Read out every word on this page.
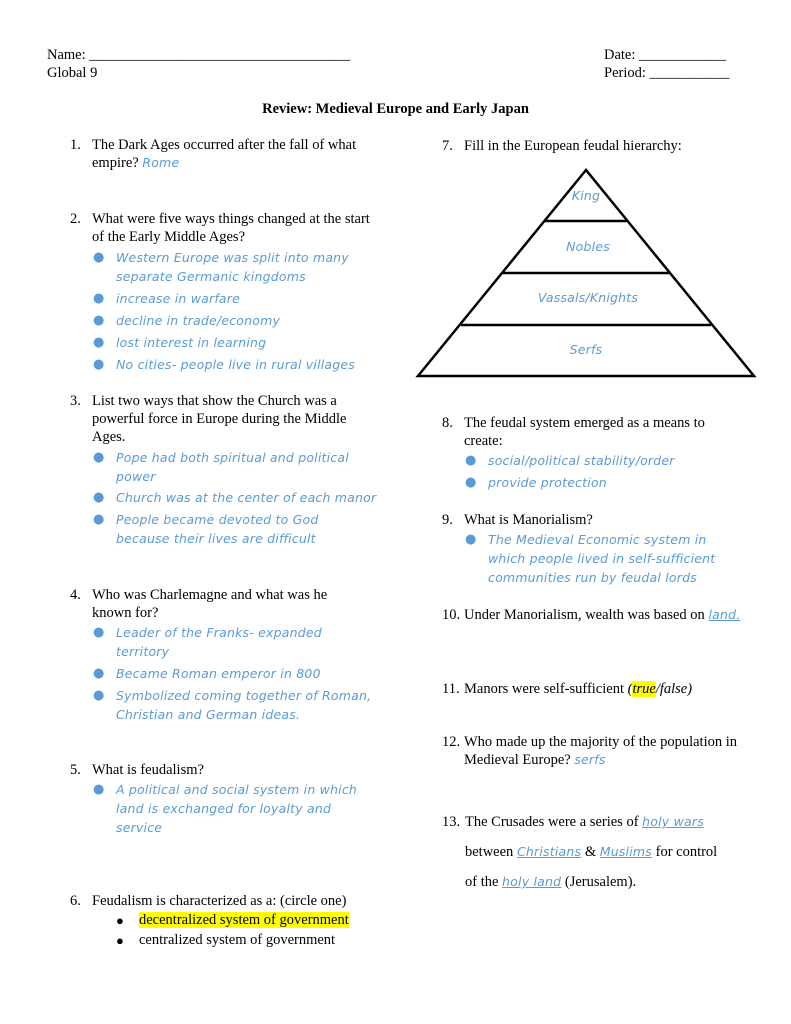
Name: ____________________________________
Global 9
Date: ____________
Period: ___________
Review: Medieval Europe and Early Japan
1. The Dark Ages occurred after the fall of what empire? Rome
2. What were five ways things changed at the start of the Early Middle Ages?
● Western Europe was split into many separate Germanic kingdoms
● increase in warfare
● decline in trade/economy
● lost interest in learning
● No cities- people live in rural villages
3. List two ways that show the Church was a powerful force in Europe during the Middle Ages.
● Pope had both spiritual and political power
● Church was at the center of each manor
● People became devoted to God because their lives are difficult
4. Who was Charlemagne and what was he known for?
● Leader of the Franks- expanded territory
● Became Roman emperor in 800
● Symbolized coming together of Roman, Christian and German ideas.
5. What is feudalism?
● A political and social system in which land is exchanged for loyalty and service
6. Feudalism is characterized as a: (circle one)
● decentralized system of government
● centralized system of government
7. Fill in the European feudal hierarchy:
King
Nobles
Vassals/Knights
Serfs
8. The feudal system emerged as a means to create:
● social/political stability/order
● provide protection
9. What is Manorialism?
● The Medieval Economic system in which people lived in self-sufficient communities run by feudal lords
10. Under Manorialism, wealth was based on land.
11. Manors were self-sufficient (true/false)
12. Who made up the majority of the population in Medieval Europe? serfs
13. The Crusades were a series of holy wars
between Christians & Muslims for control
of the holy land (Jerusalem).
